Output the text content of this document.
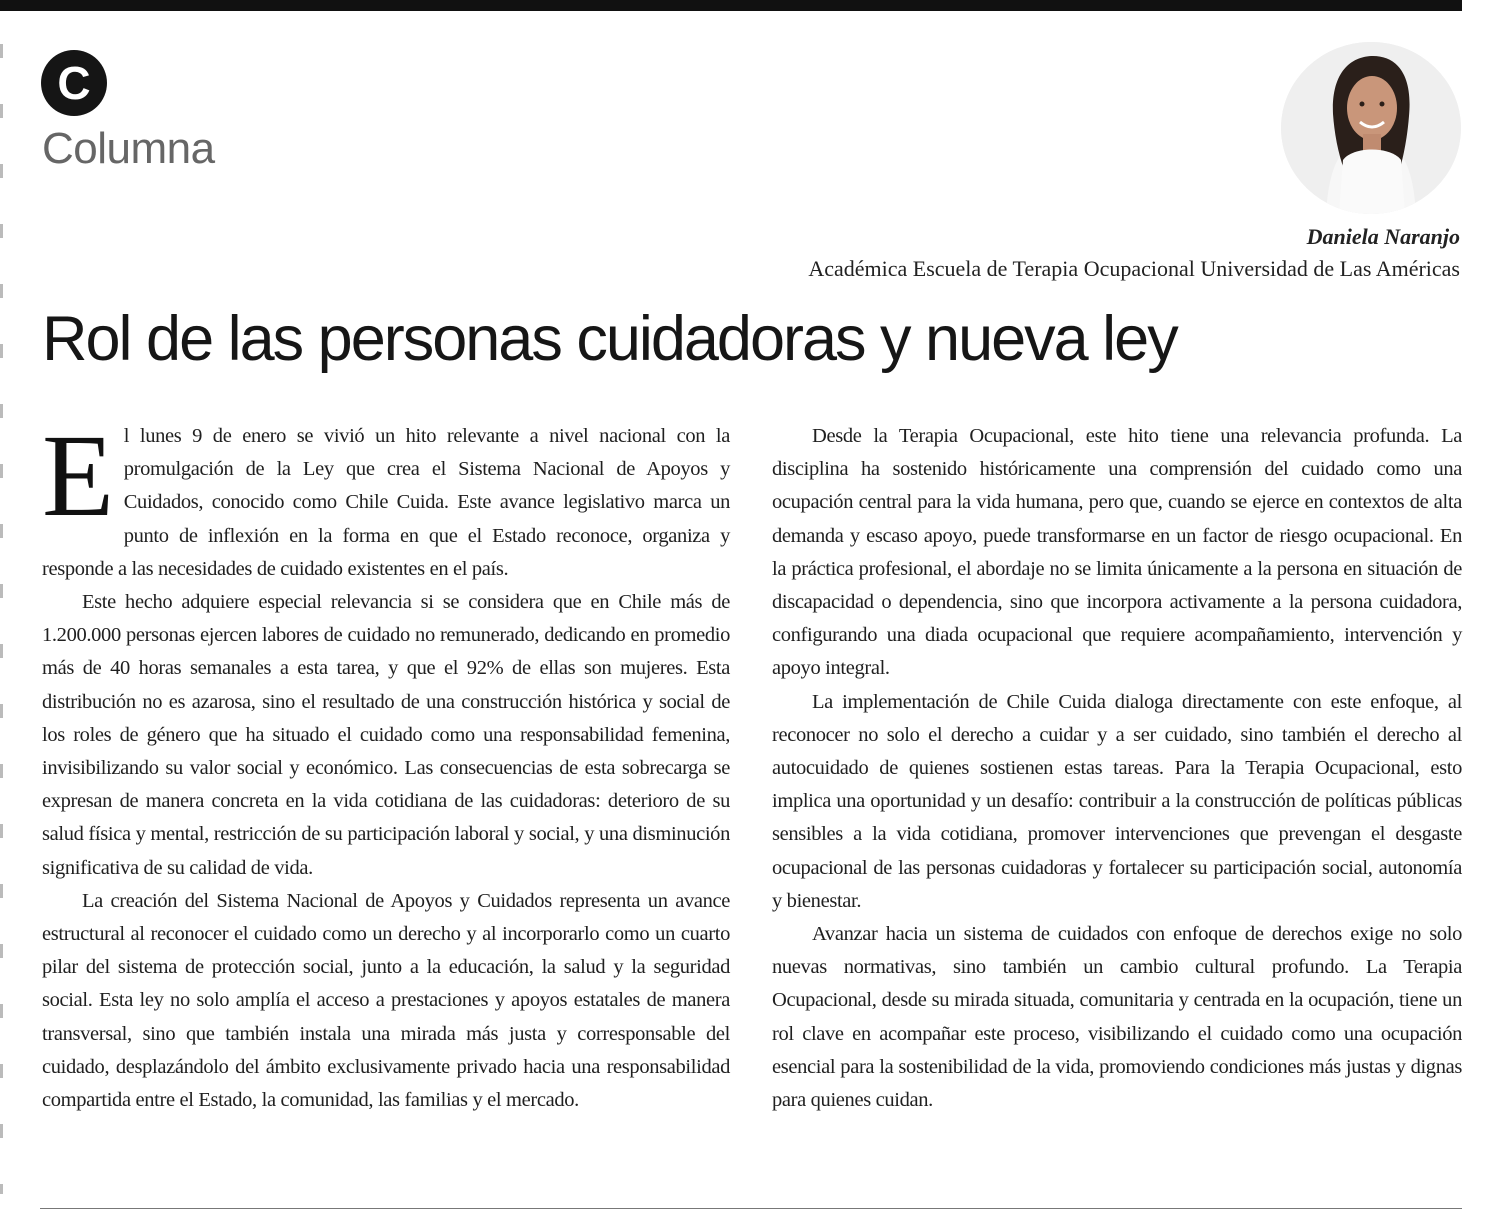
C
Columna
Daniela Naranjo
Académica Escuela de Terapia Ocupacional Universidad de Las Américas
Rol de las personas cuidadoras y nueva ley

El lunes 9 de enero se vivió un hito relevante a nivel nacional con la promulgación de la Ley que crea el Sistema Nacional de Apoyos y Cuidados, conocido como Chile Cuida. Este avance legislativo marca un punto de inflexión en la forma en que el Estado reconoce, organiza y responde a las necesidades de cuidado existentes en el país.

Este hecho adquiere especial relevancia si se considera que en Chile más de 1.200.000 personas ejercen labores de cuidado no remunerado, dedicando en promedio más de 40 horas semanales a esta tarea, y que el 92% de ellas son mujeres. Esta distribución no es azarosa, sino el resultado de una construcción histórica y social de los roles de género que ha situado el cuidado como una responsabilidad femenina, invisibilizando su valor social y económico. Las consecuencias de esta sobrecarga se expresan de manera concreta en la vida cotidiana de las cuidadoras: deterioro de su salud física y mental, restricción de su participación laboral y social, y una disminución significativa de su calidad de vida.

La creación del Sistema Nacional de Apoyos y Cuidados representa un avance estructural al reconocer el cuidado como un derecho y al incorporarlo como un cuarto pilar del sistema de protección social, junto a la educación, la salud y la seguridad social. Esta ley no solo amplía el acceso a prestaciones y apoyos estatales de manera transversal, sino que también instala una mirada más justa y corresponsable del cuidado, desplazándolo del ámbito exclusivamente privado hacia una responsabilidad compartida entre el Estado, la comunidad, las familias y el mercado.

Desde la Terapia Ocupacional, este hito tiene una relevancia profunda. La disciplina ha sostenido históricamente una comprensión del cuidado como una ocupación central para la vida humana, pero que, cuando se ejerce en contextos de alta demanda y escaso apoyo, puede transformarse en un factor de riesgo ocupacional. En la práctica profesional, el abordaje no se limita únicamente a la persona en situación de discapacidad o dependencia, sino que incorpora activamente a la persona cuidadora, configurando una diada ocupacional que requiere acompañamiento, intervención y apoyo integral.

La implementación de Chile Cuida dialoga directamente con este enfoque, al reconocer no solo el derecho a cuidar y a ser cuidado, sino también el derecho al autocuidado de quienes sostienen estas tareas. Para la Terapia Ocupacional, esto implica una oportunidad y un desafío: contribuir a la construcción de políticas públicas sensibles a la vida cotidiana, promover intervenciones que prevengan el desgaste ocupacional de las personas cuidadoras y fortalecer su participación social, autonomía y bienestar.

Avanzar hacia un sistema de cuidados con enfoque de derechos exige no solo nuevas normativas, sino también un cambio cultural profundo. La Terapia Ocupacional, desde su mirada situada, comunitaria y centrada en la ocupación, tiene un rol clave en acompañar este proceso, visibilizando el cuidado como una ocupación esencial para la sostenibilidad de la vida, promoviendo condiciones más justas y dignas para quienes cuidan.
